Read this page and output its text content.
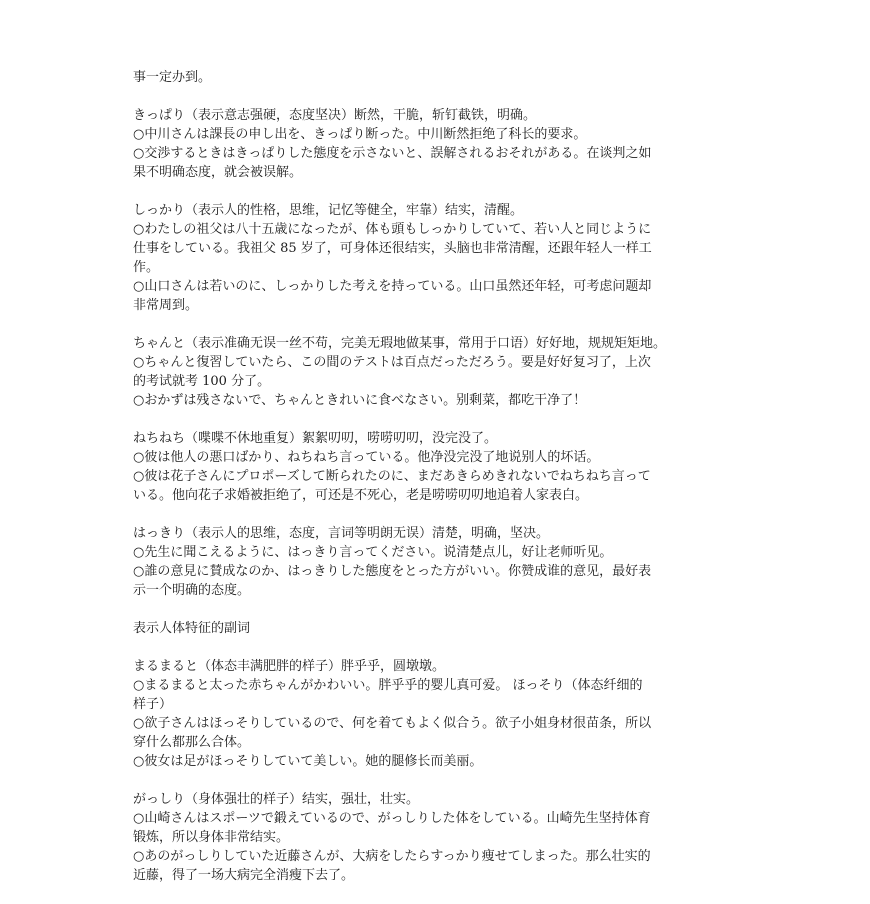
事一定办到。

きっぱり（表示意志强硬，态度坚决）断然，干脆，斩钉截铁，明确。

○中川さんは課長の申し出を、きっぱり断った。中川断然拒绝了科长的要求。

○交渉するときはきっぱりした態度を示さないと、誤解されるおそれがある。在谈判之如

果不明确态度，就会被误解。

しっかり（表示人的性格，思维，记忆等健全，牢靠）结实，清醒。

○わたしの祖父は八十五歳になったが、体も頭もしっかりしていて、若い人と同じように

仕事をしている。我祖父 85 岁了，可身体还很结实，头脑也非常清醒，还跟年轻人一样工

作。

○山口さんは若いのに、しっかりした考えを持っている。山口虽然还年轻，可考虑问题却

非常周到。

ちゃんと（表示准确无误一丝不苟，完美无瑕地做某事，常用于口语）好好地，规规矩矩地。

○ちゃんと復習していたら、この間のテストは百点だっただろう。要是好好复习了，上次

的考试就考 100 分了。

○おかずは残さないで、ちゃんときれいに食べなさい。别剩菜，都吃干净了！

ねちねち（喋喋不休地重复）絮絮叨叨，唠唠叨叨，没完没了。

○彼は他人の悪口ばかり、ねちねち言っている。他净没完没了地说别人的坏话。

○彼は花子さんにプロポーズして断られたのに、まだあきらめきれないでねちねち言って

いる。他向花子求婚被拒绝了，可还是不死心，老是唠唠叨叨地追着人家表白。

はっきり（表示人的思维，态度，言词等明朗无误）清楚，明确，坚决。

○先生に聞こえるように、はっきり言ってください。说清楚点儿，好让老师听见。

○誰の意見に賛成なのか、はっきりした態度をとった方がいい。你赞成谁的意见，最好表

示一个明确的态度。

表示人体特征的副词

まるまると（体态丰满肥胖的样子）胖乎乎，圆墩墩。

○まるまると太った赤ちゃんがかわいい。胖乎乎的婴儿真可爱。 ほっそり（体态纤细的

样子）

○欲子さんはほっそりしているので、何を着てもよく似合う。欲子小姐身材很苗条，所以

穿什么都那么合体。

○彼女は足がほっそりしていて美しい。她的腿修长而美丽。

がっしり（身体强壮的样子）结实，强壮，壮实。

○山崎さんはスポーツで鍛えているので、がっしりした体をしている。山崎先生坚持体育

锻炼，所以身体非常结实。

○あのがっしりしていた近藤さんが、大病をしたらすっかり痩せてしまった。那么壮实的

近藤，得了一场大病完全消瘦下去了。
